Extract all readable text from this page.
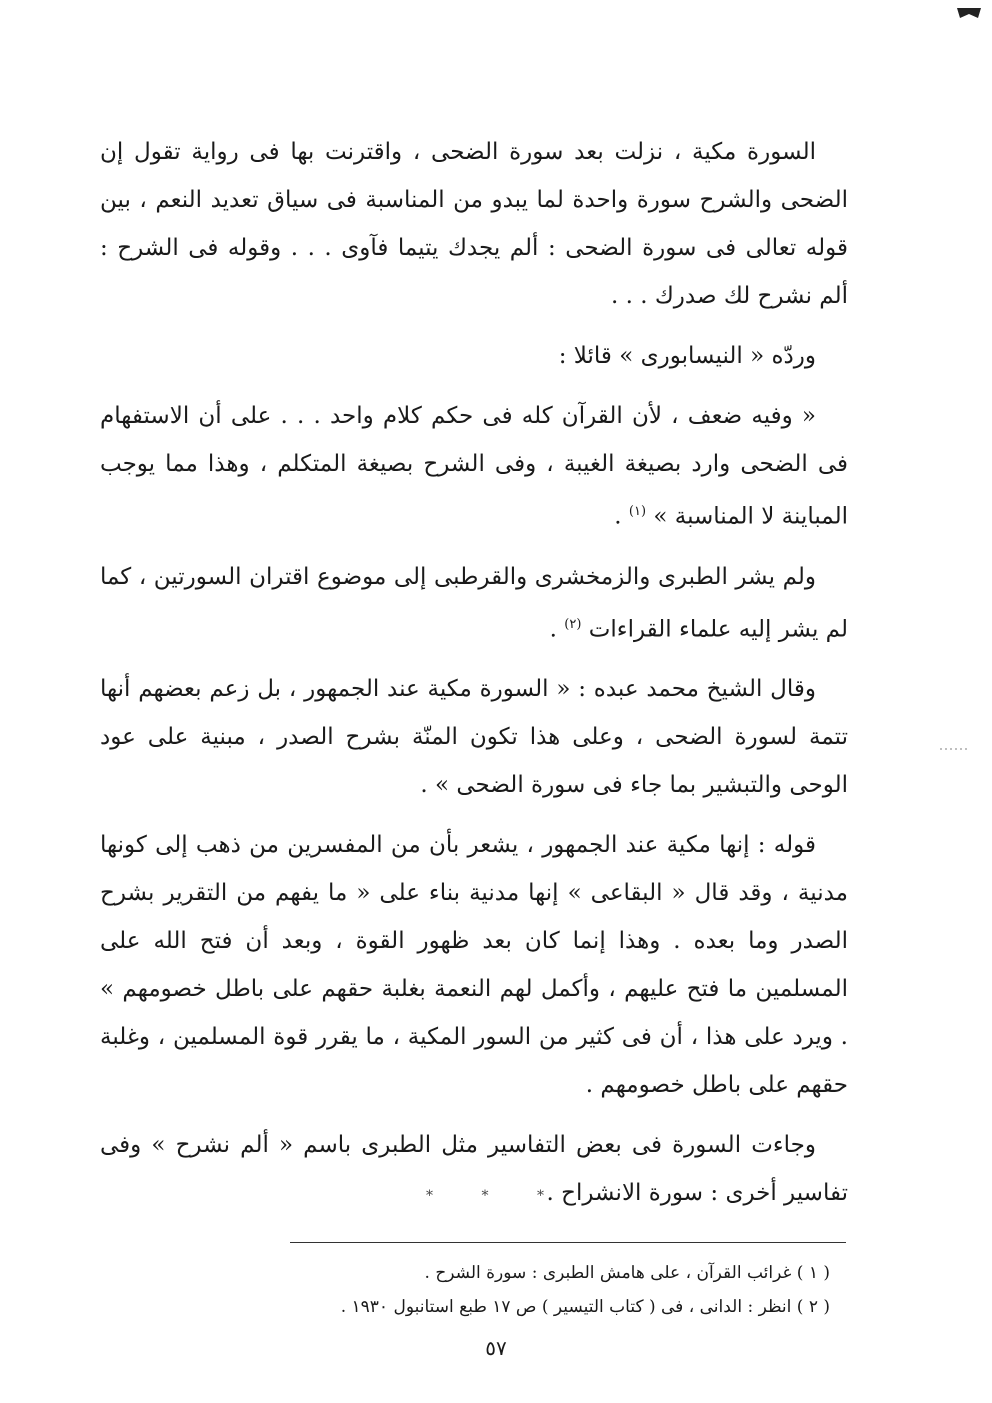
السورة مكية ، نزلت بعد سورة الضحى ، واقترنت بها فى رواية تقول إن الضحى والشرح سورة واحدة لما يبدو من المناسبة فى سياق تعديد النعم ، بين قوله تعالى فى سورة الضحى : ألم يجدك يتيما فآوى . . . وقوله فى الشرح : ألم نشرح لك صدرك . . .

وردّه « النيسابورى » قائلا :

« وفيه ضعف ، لأن القرآن كله فى حكم كلام واحد . . . على أن الاستفهام فى الضحى وارد بصيغة الغيبة ، وفى الشرح بصيغة المتكلم ، وهذا مما يوجب المباينة لا المناسبة » $^{(١)}$ .

ولم يشر الطبرى والزمخشرى والقرطبى إلى موضوع اقتران السورتين ، كما لم يشر إليه علماء القراءات $^{(٢)}$ .

وقال الشيخ محمد عبده : « السورة مكية عند الجمهور ، بل زعم بعضهم أنها تتمة لسورة الضحى ، وعلى هذا تكون المنّة بشرح الصدر ، مبنية على عود الوحى والتبشير بما جاء فى سورة الضحى » .

قوله : إنها مكية عند الجمهور ، يشعر بأن من المفسرين من ذهب إلى كونها مدنية ، وقد قال « البقاعى » إنها مدنية بناء على « ما يفهم من التقرير بشرح الصدر وما بعده . وهذا إنما كان بعد ظهور القوة ، وبعد أن فتح الله على المسلمين ما فتح عليهم ، وأكمل لهم النعمة بغلبة حقهم على باطل خصومهم » . ويرد على هذا ، أن فى كثير من السور المكية ، ما يقرر قوة المسلمين ، وغلبة حقهم على باطل خصومهم .

وجاءت السورة فى بعض التفاسير مثل الطبرى باسم « ألم نشرح » وفى تفاسير أخرى : سورة الانشراح .

* * *

( ١ ) غرائب القرآن ، على هامش الطبرى : سورة الشرح .

( ٢ ) انظر : الدانى ، فى ( كتاب التيسير ) ص ١٧ طبع استانبول ١٩٣٠ .

٥٧
